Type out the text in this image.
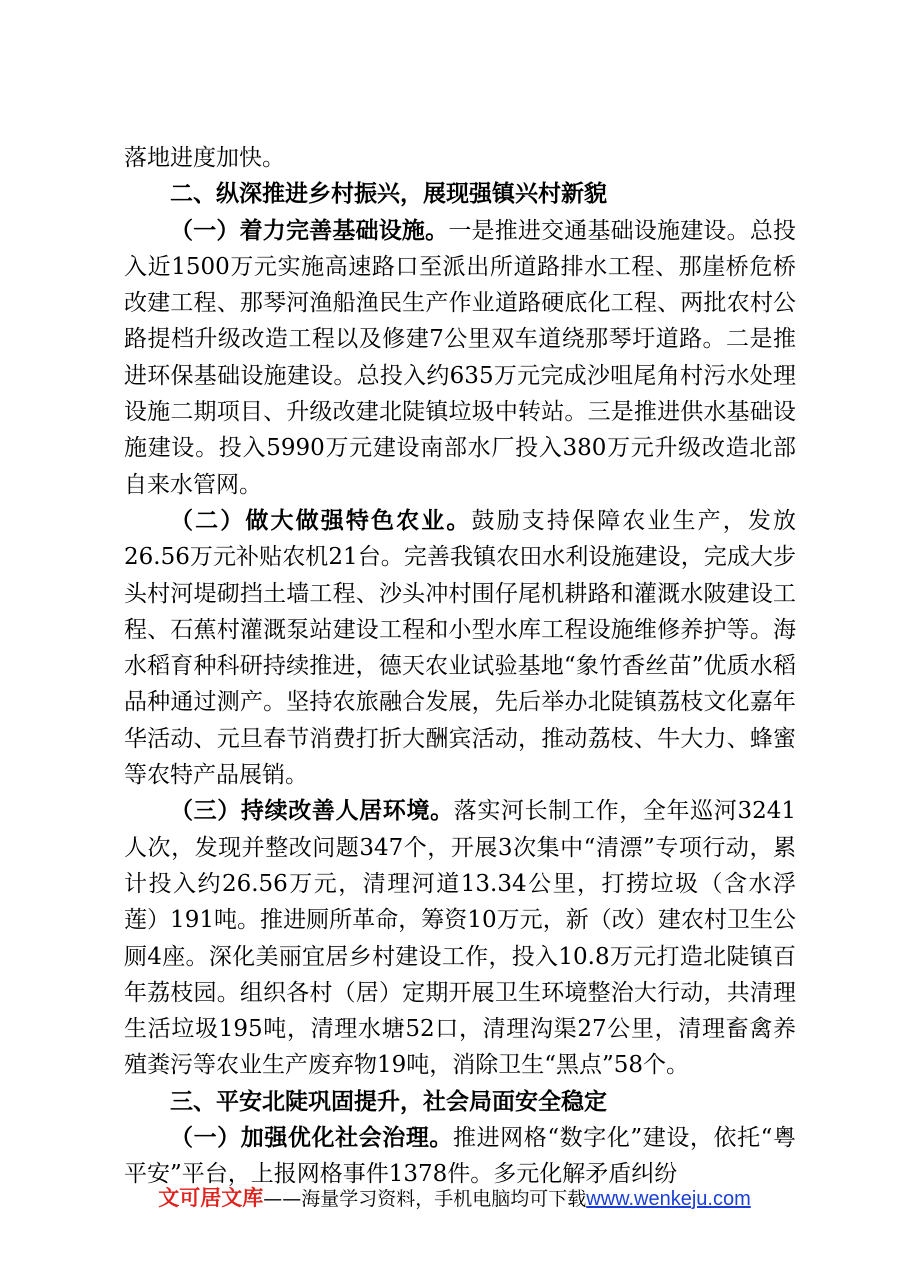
落地进度加快。

二、纵深推进乡村振兴，展现强镇兴村新貌

（一）着力完善基础设施。一是推进交通基础设施建设。总投入近1500万元实施高速路口至派出所道路排水工程、那崖桥危桥改建工程、那琴河渔船渔民生产作业道路硬底化工程、两批农村公路提档升级改造工程以及修建7公里双车道绕那琴圩道路。二是推进环保基础设施建设。总投入约635万元完成沙咀尾角村污水处理设施二期项目、升级改建北陡镇垃圾中转站。三是推进供水基础设施建设。投入5990万元建设南部水厂投入380万元升级改造北部自来水管网。

（二）做大做强特色农业。鼓励支持保障农业生产，发放26.56万元补贴农机21台。完善我镇农田水利设施建设，完成大步头村河堤砌挡土墙工程、沙头冲村围仔尾机耕路和灌溉水陂建设工程、石蕉村灌溉泵站建设工程和小型水库工程设施维修养护等。海水稻育种科研持续推进，德天农业试验基地“象竹香丝苗”优质水稻品种通过测产。坚持农旅融合发展，先后举办北陡镇荔枝文化嘉年华活动、元旦春节消费打折大酬宾活动，推动荔枝、牛大力、蜂蜜等农特产品展销。

（三）持续改善人居环境。落实河长制工作，全年巡河3241人次，发现并整改问题347个，开展3次集中“清漂”专项行动，累计投入约26.56万元，清理河道13.34公里，打捞垃圾（含水浮莲）191吨。推进厕所革命，筹资10万元，新（改）建农村卫生公厕4座。深化美丽宜居乡村建设工作，投入10.8万元打造北陡镇百年荔枝园。组织各村（居）定期开展卫生环境整治大行动，共清理生活垃圾195吨，清理水塘52口，清理沟渠27公里，清理畜禽养殖粪污等农业生产废弃物19吨，消除卫生“黑点”58个。

三、平安北陡巩固提升，社会局面安全稳定

（一）加强优化社会治理。推进网格“数字化”建设，依托“粤平安”平台，上报网格事件1378件。多元化解矛盾纠纷

文可居文库——海量学习资料，手机电脑均可下载www.wenkeju.com
